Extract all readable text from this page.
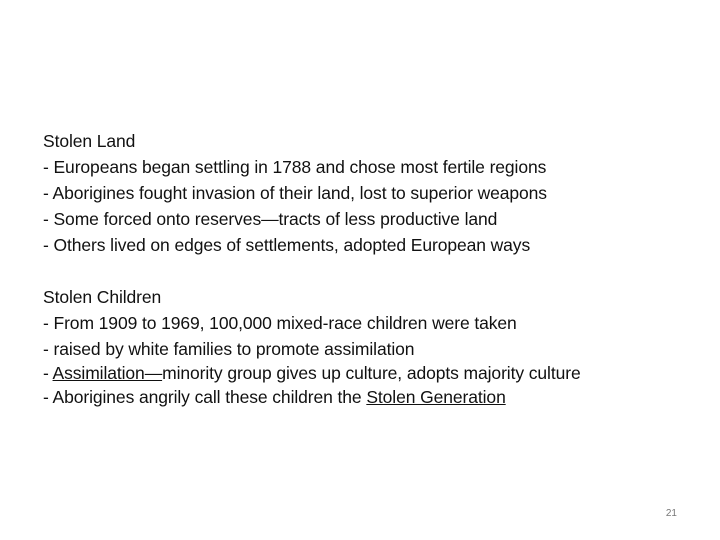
Stolen Land
- Europeans began settling in 1788 and chose most fertile regions
- Aborigines fought invasion of their land, lost to superior weapons
- Some forced onto reserves—tracts of less productive land
- Others lived on edges of settlements, adopted European ways
Stolen Children
- From 1909 to 1969, 100,000 mixed-race children were taken
- raised by white families to promote assimilation
- Assimilation—minority group gives up culture, adopts majority culture
- Aborigines angrily call these children the Stolen Generation
21
